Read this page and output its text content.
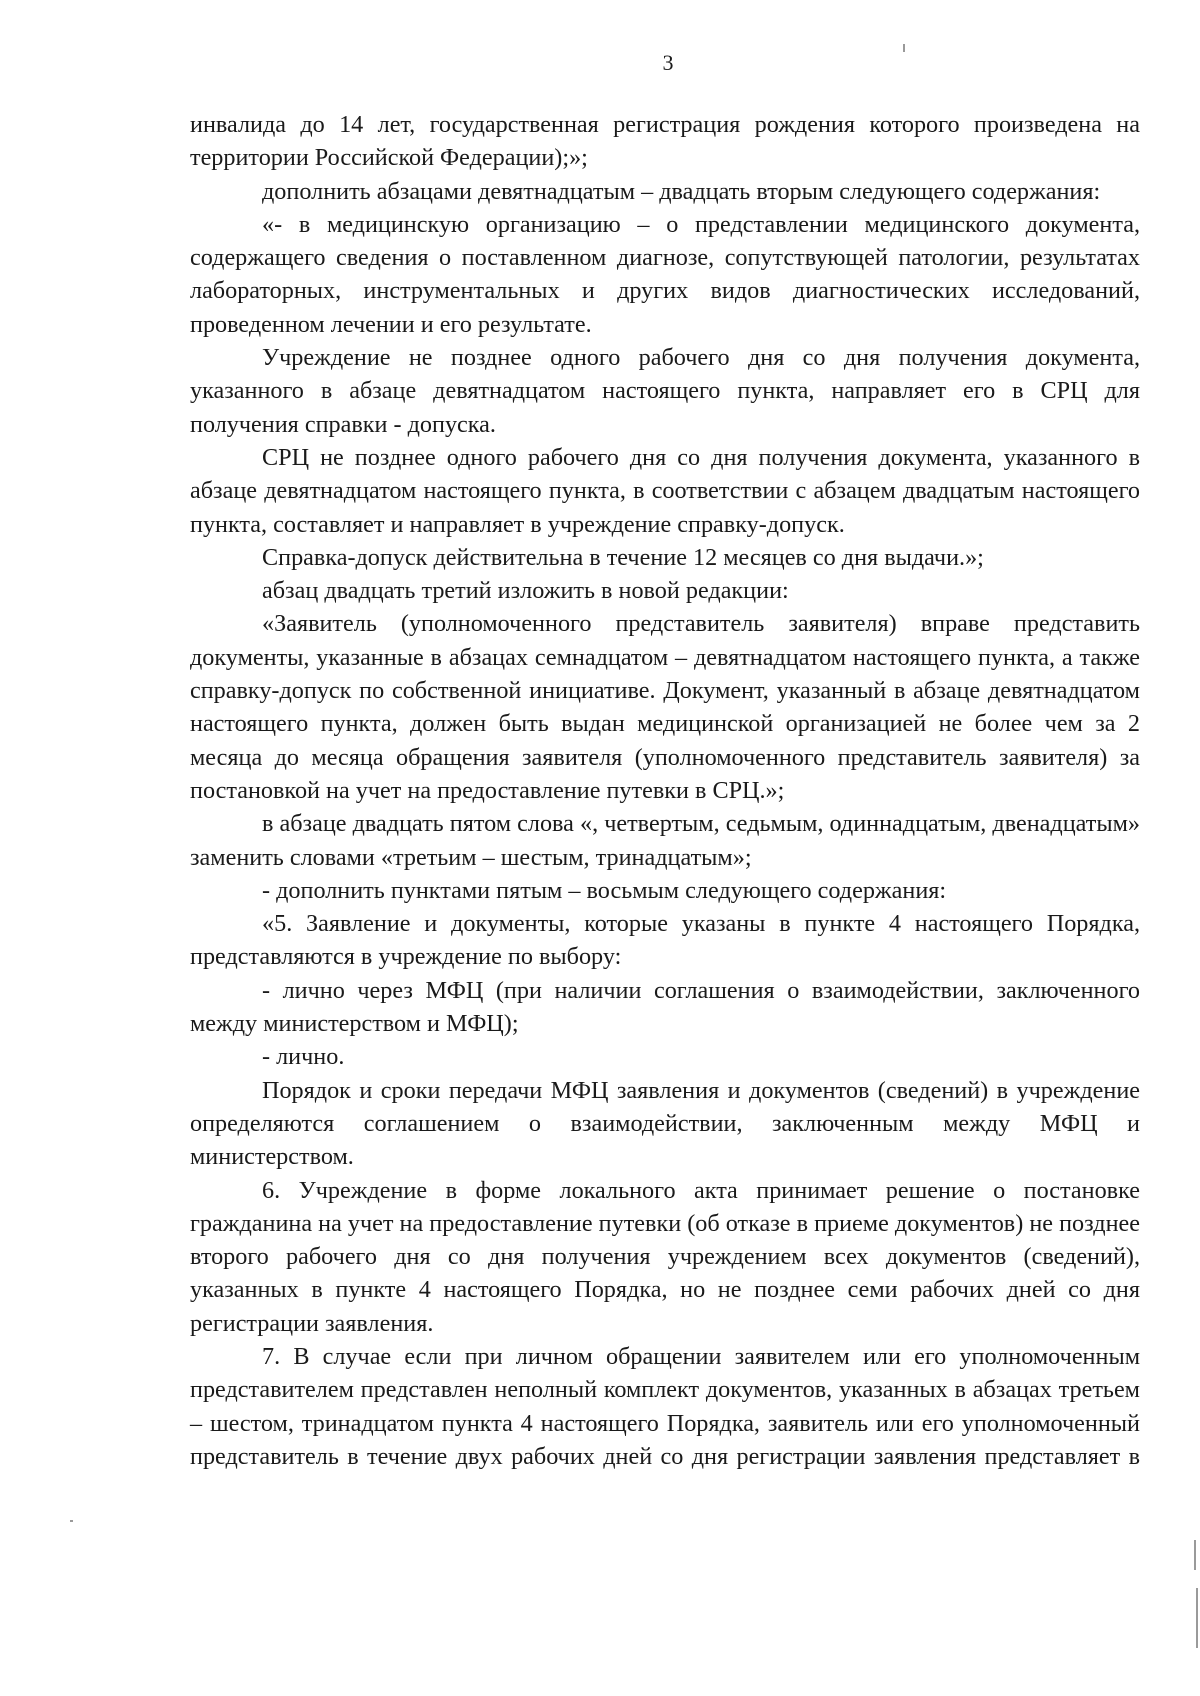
3

инвалида до 14 лет, государственная регистрация рождения которого произведена на территории Российской Федерации);»;

дополнить абзацами девятнадцатым – двадцать вторым следующего содержания:

«- в медицинскую организацию – о представлении медицинского документа, содержащего сведения о поставленном диагнозе, сопутствующей патологии, результатах лабораторных, инструментальных и других видов диагностических исследований, проведенном лечении и его результате.

Учреждение не позднее одного рабочего дня со дня получения документа, указанного в абзаце девятнадцатом настоящего пункта, направляет его в СРЦ для получения справки - допуска.

СРЦ не позднее одного рабочего дня со дня получения документа, указанного в абзаце девятнадцатом настоящего пункта, в соответствии с абзацем двадцатым настоящего пункта, составляет и направляет в учреждение справку-допуск.

Справка-допуск действительна в течение 12 месяцев со дня выдачи.»;

абзац двадцать третий изложить в новой редакции:

«Заявитель (уполномоченного представитель заявителя) вправе представить документы, указанные в абзацах семнадцатом – девятнадцатом настоящего пункта, а также справку-допуск по собственной инициативе. Документ, указанный в абзаце девятнадцатом настоящего пункта, должен быть выдан медицинской организацией не более чем за 2 месяца до месяца обращения заявителя (уполномоченного представитель заявителя) за постановкой на учет на предоставление путевки в СРЦ.»;

в абзаце двадцать пятом слова «, четвертым, седьмым, одиннадцатым, двенадцатым» заменить словами «третьим – шестым, тринадцатым»;

- дополнить пунктами пятым – восьмым следующего содержания:

«5. Заявление и документы, которые указаны в пункте 4 настоящего Порядка, представляются в учреждение по выбору:

- лично через МФЦ (при наличии соглашения о взаимодействии, заключенного между министерством и МФЦ);

- лично.

Порядок и сроки передачи МФЦ заявления и документов (сведений) в учреждение определяются соглашением о взаимодействии, заключенным между МФЦ и министерством.

6. Учреждение в форме локального акта принимает решение о постановке гражданина на учет на предоставление путевки (об отказе в приеме документов) не позднее второго рабочего дня со дня получения учреждением всех документов (сведений), указанных в пункте 4 настоящего Порядка, но не позднее семи рабочих дней со дня регистрации заявления.

7. В случае если при личном обращении заявителем или его уполномоченным представителем представлен неполный комплект документов, указанных в абзацах третьем – шестом, тринадцатом пункта 4 настоящего Порядка, заявитель или его уполномоченный представитель в течение двух рабочих дней со дня регистрации заявления представляет в
